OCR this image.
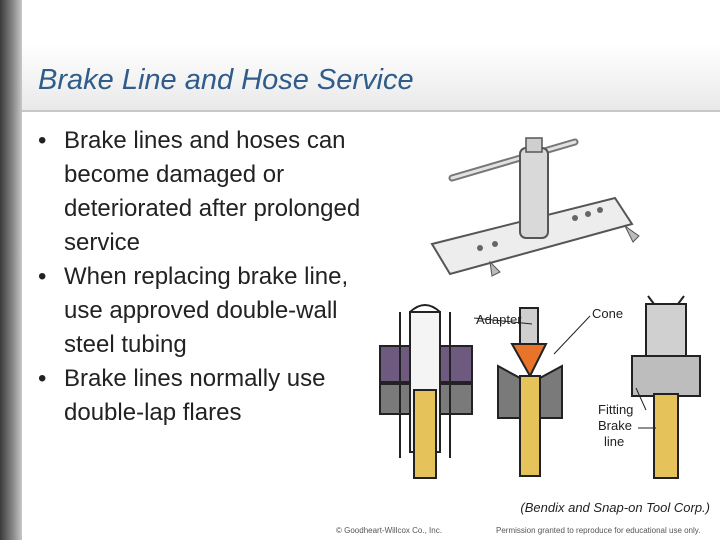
Brake Line and Hose Service
• Brake lines and hoses can become damaged or deteriorated after prolonged service
• When replacing brake line, use approved double-wall steel tubing
• Brake lines normally use double-lap flares
Adapter	Cone
Fitting
Brake
line
(Bendix and Snap-on Tool Corp.)
© Goodheart-Willcox Co., Inc.	Permission granted to reproduce for educational use only.
